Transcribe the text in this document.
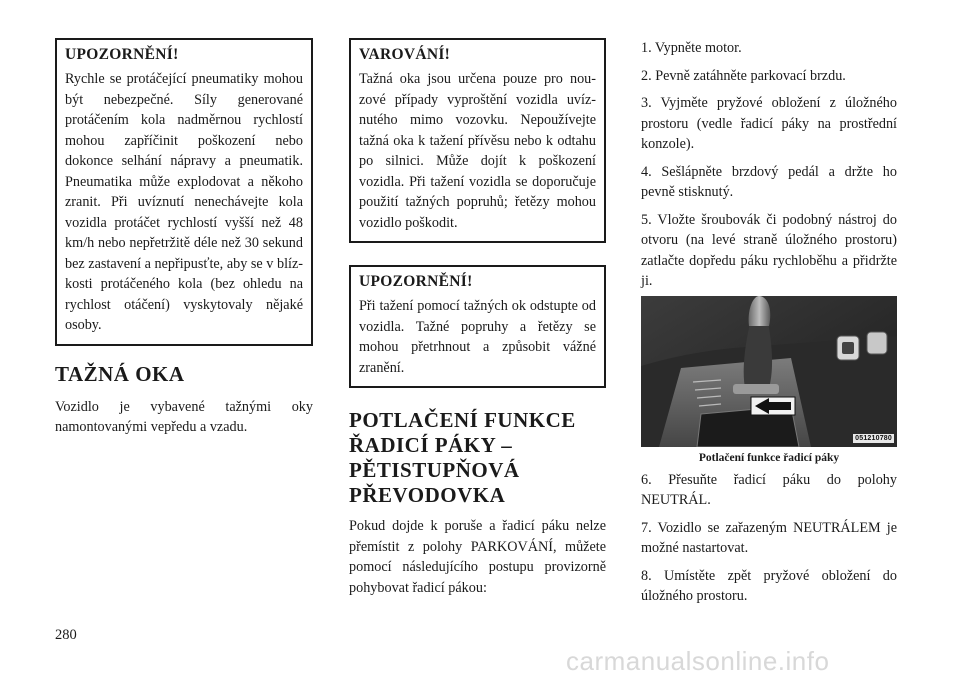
UPOZORNĚNÍ!

Rychle se protáčející pneumatiky mohou být nebezpečné. Síly generované protáčením kola nadměrnou rychlostí mohou zapříčinit poškození nebo dokonce selhání nápravy a pneumatik. Pneumatika může explodovat a někoho zranit. Při uvíznutí nenechávejte kola vozidla protáčet rychlostí vyšší než 48 km/h nebo nepřetržitě déle než 30 sekund bez zastavení a nepřipusťte, aby se v blízkosti protáčeného kola (bez ohledu na rychlost otáčení) vyskytovaly nějaké osoby.

TAŽNÁ OKA

Vozidlo je vybavené tažnými oky namontovanými vepředu a vzadu.

VAROVÁNÍ!

Tažná oka jsou určena pouze pro nouzové případy vyproštění vozidla uvíznutého mimo vozovku. Nepoužívejte tažná oka k tažení přívěsu nebo k odtahu po silnici. Může dojít k poškození vozidla. Při tažení vozidla se doporučuje použití tažných popruhů; řetězy mohou vozidlo poškodit.

UPOZORNĚNÍ!

Při tažení pomocí tažných ok odstupte od vozidla. Tažné popruhy a řetězy se mohou přetrhnout a způsobit vážné zranění.

POTLAČENÍ FUNKCE ŘADICÍ PÁKY – PĚTISTUPŇOVÁ PŘEVODOVKA

Pokud dojde k poruše a řadicí páku nelze přemístit z polohy PARKOVÁNÍ, můžete pomocí následujícího postupu provizorně pohybovat řadicí pákou:

1. Vypněte motor.

2. Pevně zatáhněte parkovací brzdu.

3. Vyjměte pryžové obložení z úložného prostoru (vedle řadicí páky na prostřední konzole).

4. Sešlápněte brzdový pedál a držte ho pevně stisknutý.

5. Vložte šroubovák či podobný nástroj do otvoru (na levé straně úložného prostoru) zatlačte dopředu páku rychloběhu a přidržte ji.

051210780

Potlačení funkce řadicí páky

6. Přesuňte řadicí páku do polohy NEUTRÁL.

7. Vozidlo se zařazeným NEUTRÁLEM je možné nastartovat.

8. Umístěte zpět pryžové obložení do úložného prostoru.

280
carmanualsonline.info
